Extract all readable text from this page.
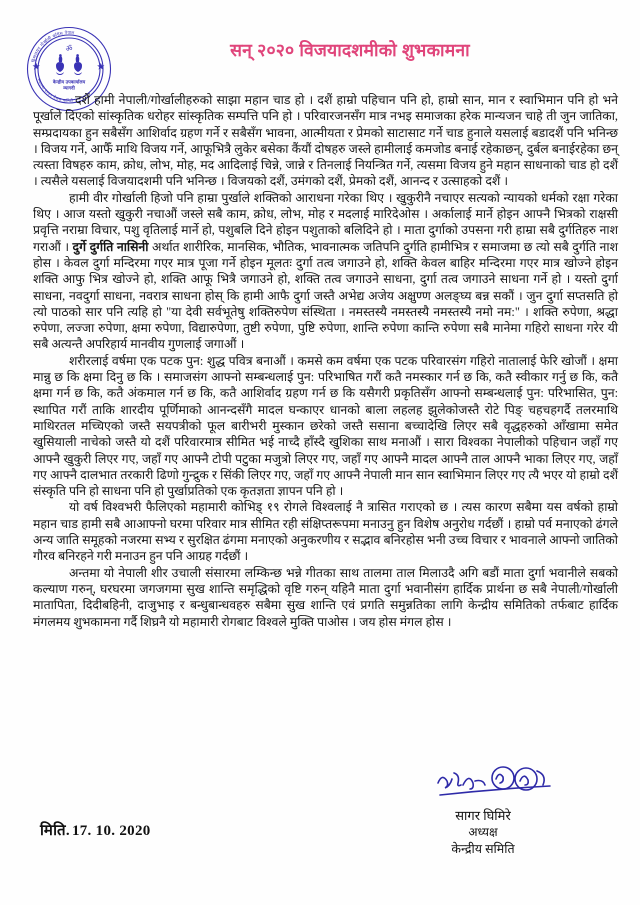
हिमालयन गोर्खाली काँग्रेस नेपाल
स्थापना २०४९ नेपाल कमिटी
ॐ
केन्द्रीय उपकार्यालय
म्यागदी
सन् २०२० विजयादशमीको शुभकामना

दशैं हामी नेपाली/गोर्खालीहरुको साझा महान चाड हो । दशैं हाम्रो पहिचान पनि हो, हाम्रो सान, मान र स्वाभिमान पनि हो भने पूर्खाले दिएको सांस्कृतिक धरोहर सांस्कृतिक सम्पत्ति पनि हो । परिवारजनसँग मात्र नभइ समाजका हरेक मान्यजन चाहे ती जुन जातिका, सम्प्रदायका हुन सबैसँग आशिर्वाद ग्रहण गर्ने र सबैसँग भावना, आत्मीयता र प्रेमको साटासाट गर्ने चाड हुनाले यसलाई बडादशैं पनि भनिन्छ । विजय गर्ने, आफैँ माथि विजय गर्ने, आफूभित्रै लुकेर बसेका कैंयौं दोषहरु जस्ले हामीलाई कमजोड बनाई रहेकाछन्, दुर्बल बनाईरहेका छन् त्यस्ता विषहरु काम, क्रोध, लोभ, मोह, मद आदिलाई चिन्ने, जान्ने र तिनलाई नियन्त्रित गर्ने, त्यसमा विजय हुने महान साधनाको चाड हो दशैं । त्यसैले यसलाई विजयादशमी पनि भनिन्छ । विजयको दशैं, उमंगको दशैं, प्रेमको दशैं, आनन्द र उत्साहको दशैं ।

हामी वीर गोर्खाली हिजो पनि हाम्रा पुर्खाले शक्तिको आराधना गरेका थिए । खुकुरीनै नचाएर सत्यको न्यायको धर्मको रक्षा गरेका थिए । आज यस्तो खुकुरी नचाऔं जस्ले सबै काम, क्रोध, लोभ, मोह र मदलाई मारिदेओस । अर्कालाई मार्ने होइन आफ्नै भित्रको राक्षसी प्रवृत्ति नराम्रा विचार, पशु वृतिलाई मार्ने हो, पशुबलि दिने होइन पशुताको बलिदिने हो । माता दुर्गाको उपसना गरी हाम्रा सबै दुर्गतिहरु नाश गराऔं । दुर्गे दुर्गति नासिनी अर्थात शारीरिक, मानसिक, भौतिक, भावनात्मक जतिपनि दुर्गति हामीभित्र र समाजमा छ त्यो सबै दुर्गति नाश होस । केवल दुर्गा मन्दिरमा गएर मात्र पूजा गर्ने होइन मूलतः दुर्गा तत्व जगाउने हो, शक्ति केवल बाहिर मन्दिरमा गएर मात्र खोज्ने होइन शक्ति आफु भित्र खोज्ने हो, शक्ति आफू भित्रै जगाउने हो, शक्ति तत्व जगाउने साधना, दुर्गा तत्व जगाउने साधना गर्ने हो । यस्तो दुर्गा साधना, नवदुर्गा साधना, नवरात्र साधना होस् कि हामी आफै दुर्गा जस्तै अभेद्य अजेय अक्षुण्ण अलङ्घ्य बन्न सकौं । जुन दुर्गा सप्तसति हो त्यो पाठको सार पनि त्यहि हो "या देवी सर्वभूतेषु शक्तिरुपेण संस्थिता । नमस्तस्यै नमस्तस्यै नमस्तस्यै नमो नम:" । शक्ति रुपेणा, श्रद्धा रुपेणा, लज्जा रुपेणा, क्षमा रुपेणा, विद्यारुपेणा, तुष्टी रुपेणा, पुष्टि रुपेणा, शान्ति रुपेणा कान्ति रुपेणा सबै मानेमा गहिरो साधना गरेर यी सबै अत्यन्तै अपरिहार्य मानवीय गुणलाई जगाऔं ।

शरीरलाई वर्षमा एक पटक पुन: शुद्ध पवित्र बनाऔं । कमसे कम वर्षमा एक पटक परिवारसंग गहिरो नातालाई फेरि खोजौं । क्षमा मान्नु छ कि क्षमा दिनु छ कि । समाजसंग आफ्नो सम्बन्धलाई पुन: परिभाषित गरौं कतै नमस्कार गर्न छ कि, कतै स्वीकार गर्नु छ कि, कतै क्षमा गर्न छ कि, कतै अंकमाल गर्न छ कि, कतै आशिर्वाद ग्रहण गर्न छ कि यसैगरी प्रकृतिसँग आफ्नो सम्बन्धलाई पुन: परिभासित, पुन: स्थापित गरौं ताकि शारदीय पूर्णिमाको आनन्दसँगै मादल घन्काएर धानको बाला लहलह झुलेकोजस्तै रोटे पिङ् चहचहगर्दै तलरमाथि माथिरतल मच्चिएको जस्तै सयपत्रीको फूल बारीभरी मुस्कान छरेको जस्तै ससाना बच्चादेखि लिएर सबै वृद्धहरुको आँखामा समेत खुसियाली नाचेको जस्तै यो दशैं परिवारमात्र सीमित भई नाच्दै हाँस्दै खुशिका साथ मनाऔं । सारा विश्वका नेपालीको पहिचान जहाँ गए आफ्नै खुकुरी लिएर गए, जहाँ गए आफ्नै टोपी पटुका मजुत्रो लिएर गए, जहाँ गए आफ्नै मादल आफ्नै ताल आफ्नै भाका लिएर गए, जहाँ गए आफ्नै दालभात तरकारी ढिणो गुन्द्रुक र सिंकी लिएर गए, जहाँ गए आफ्नै नेपाली मान सान स्वाभिमान लिएर गए त्यै भएर यो हाम्रो दशैं संस्कृति पनि हो साधना पनि हो पुर्खाप्रतिको एक कृतज्ञता ज्ञापन पनि हो ।

यो वर्ष विश्वभरी फैलिएको महामारी कोभिड् १९ रोगले विश्वलाई नै त्रासित गराएको छ । त्यस कारण सबैमा यस वर्षको हाम्रो महान चाड हामी सबै आआफ्नो घरमा परिवार मात्र सीमित रही संक्षिप्तरूपमा मनाउनु हुन विशेष अनुरोध गर्दछौं । हाम्रो पर्व मनाएको ढंगले अन्य जाति समूहको नजरमा सभ्य र सुरक्षित ढंगमा मनाएको अनुकरणीय र सद्भाव बनिरहोस भनी उच्च विचार र भावनाले आफ्नो जातिको गौरव बनिरहने गरी मनाउन हुन पनि आग्रह गर्दछौं ।

अन्तमा यो नेपाली शीर उचाली संसारमा लम्किन्छ भन्ने गीतका साथ तालमा ताल मिलाउदै अगि बडौं माता दुर्गा भवानीले सबको कल्याण गरुन्, घरघरमा जगजगमा सुख शान्ति समृद्धिको वृष्टि गरुन् यहिनै माता दुर्गा भवानीसंग हार्दिक प्रार्थना छ सबै नेपाली/गोर्खाली मातापिता, दिदीबहिनी, दाजुभाइ र बन्धुबान्धवहरु सबैमा सुख शान्ति एवं प्रगति समुन्नतिका लागि केन्द्रीय समितिको तर्फबाट हार्दिक मंगलमय शुभकामना गर्दै शिघ्रनै यो महामारी रोगबाट विश्वले मुक्ति पाओस । जय होस मंगल होस ।

सागर घिमिरे
अध्यक्ष
केन्द्रीय समिति
मिति. 17. 10. 2020
